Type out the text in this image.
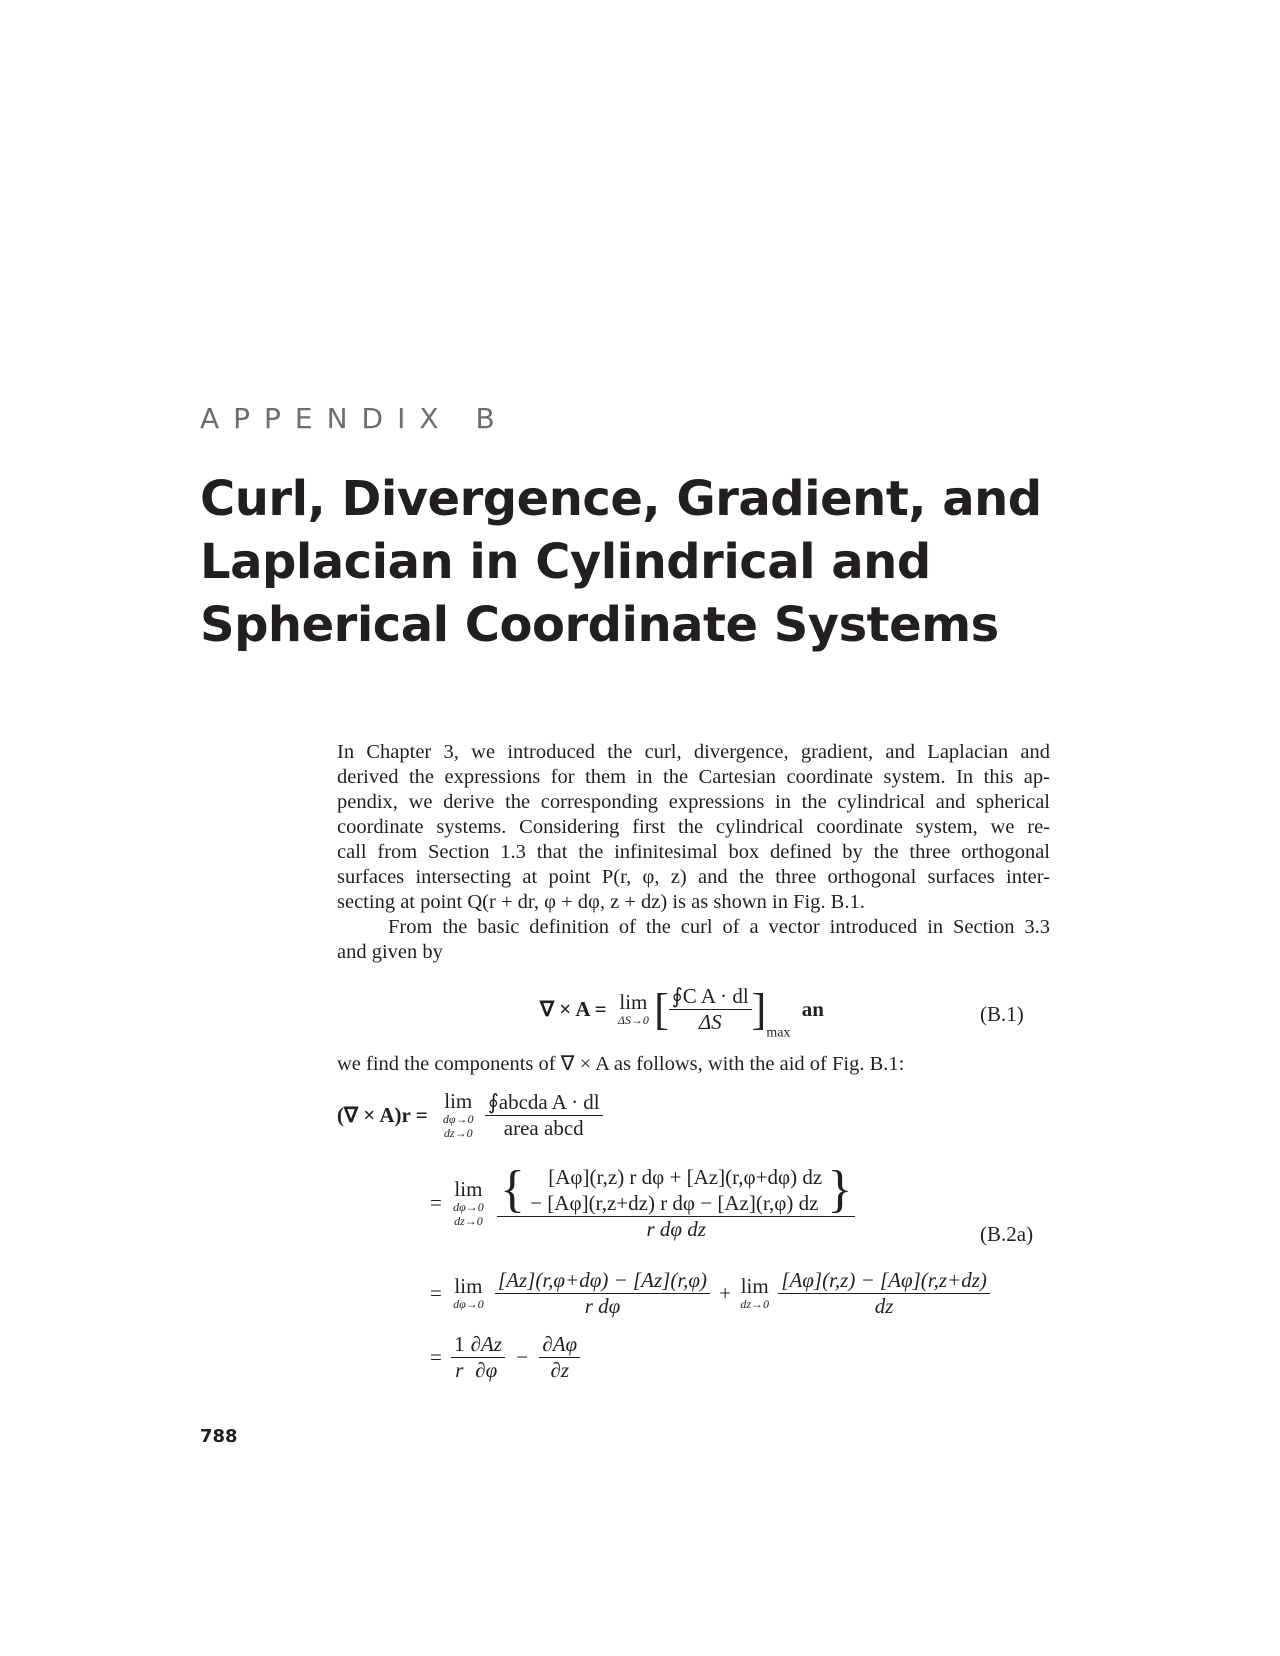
APPENDIX B
Curl, Divergence, Gradient, and
Laplacian in Cylindrical and
Spherical Coordinate Systems
In Chapter 3, we introduced the curl, divergence, gradient, and Laplacian and
derived the expressions for them in the Cartesian coordinate system. In this ap-
pendix, we derive the corresponding expressions in the cylindrical and spherical
coordinate systems. Considering first the cylindrical coordinate system, we re-
call from Section 1.3 that the infinitesimal box defined by the three orthogonal
surfaces intersecting at point P(r, φ, z) and the three orthogonal surfaces inter-
secting at point Q(r + dr, φ + dφ, z + dz) is as shown in Fig. B.1.
From the basic definition of the curl of a vector introduced in Section 3.3
and given by
∇ × A = lim
ΔS→0 [ $\frac{\text{∮C A · dl}}{\Delta S} ]_{max}$ an	(B.1)
we find the components of ∇ × A as follows, with the aid of Fig. B.1:
(∇ × A)r = lim
dφ→0
dz→0
$\frac{\text{∮abcda A · dl}}{\text{area abcd}}$
= lim
dφ→0
dz→0

{	[Aφ](r,z) r dφ + [Az](r,φ+dφ) dz
− [Aφ](r,z+dz) r dφ − [Az](r,φ) dz }
r dφ dz	(B.2a)
= lim
dφ→0
$\frac{[Az](r,\varphi+d\varphi) - [Az](r,\varphi)}{\text{r dφ}} + \lim$
dz→0
$\frac{[A\varphi](r,z) - [A\varphi](r,z+dz)}{dz}$
= $\frac{1}{r} \frac{\partial Az}{\partial\varphi} - \frac{\partial A\varphi}{\partial z}$
788
